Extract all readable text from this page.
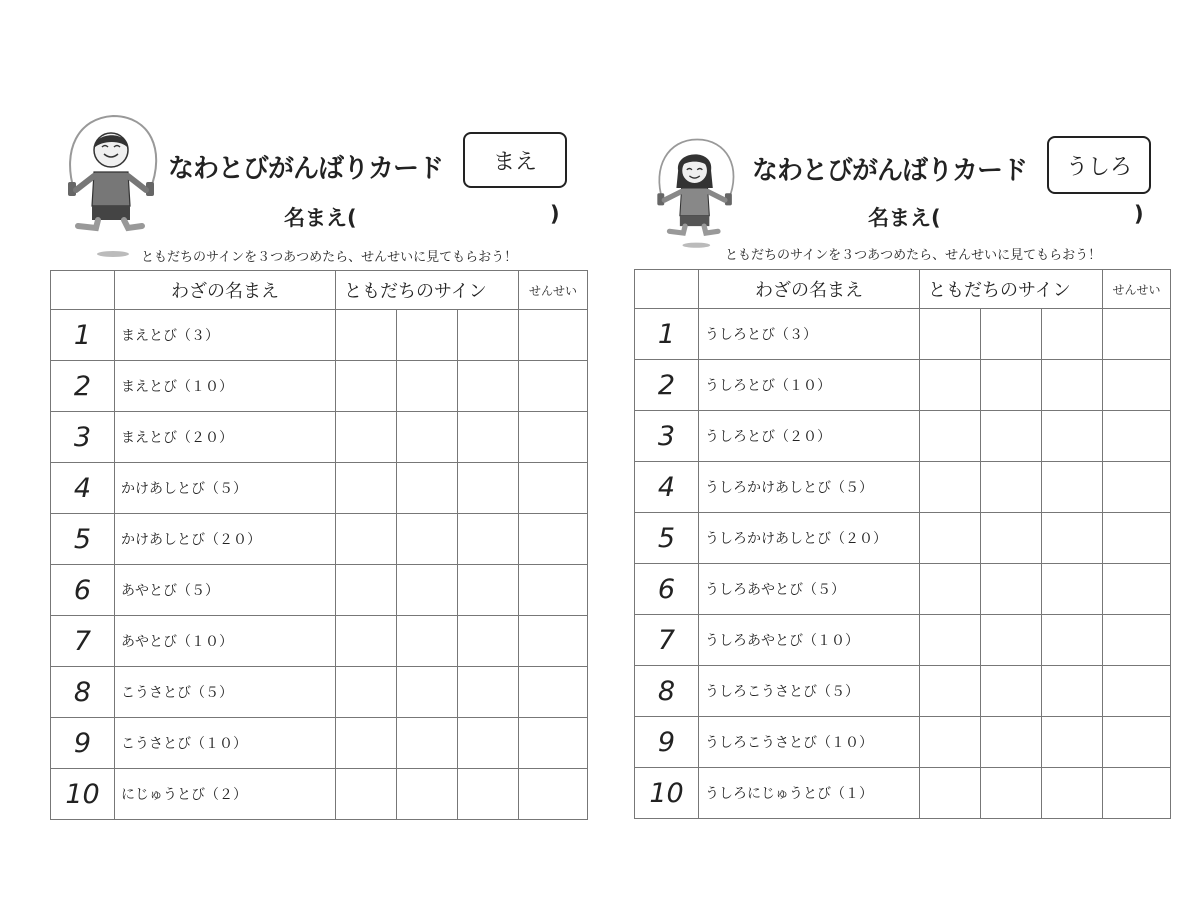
なわとびがんばりカード	まえ
名まえ(	)
ともだちのサインを３つあつめたら、せんせいに見てもらおう！
	わざの名まえ	ともだちのサイン			せんせい
1	まえとび（３）				
2	まえとび（１０）				
3	まえとび（２０）				
4	かけあしとび（５）				
5	かけあしとび（２０）				
6	あやとび（５）				
7	あやとび（１０）				
8	こうさとび（５）				
9	こうさとび（１０）				
10	にじゅうとび（２）				
なわとびがんばりカード	うしろ
名まえ(	)
ともだちのサインを３つあつめたら、せんせいに見てもらおう！
	わざの名まえ	ともだちのサイン			せんせい
1	うしろとび（３）				
2	うしろとび（１０）				
3	うしろとび（２０）				
4	うしろかけあしとび（５）				
5	うしろかけあしとび（２０）				
6	うしろあやとび（５）				
7	うしろあやとび（１０）				
8	うしろこうさとび（５）				
9	うしろこうさとび（１０）				
10	うしろにじゅうとび（１）				
